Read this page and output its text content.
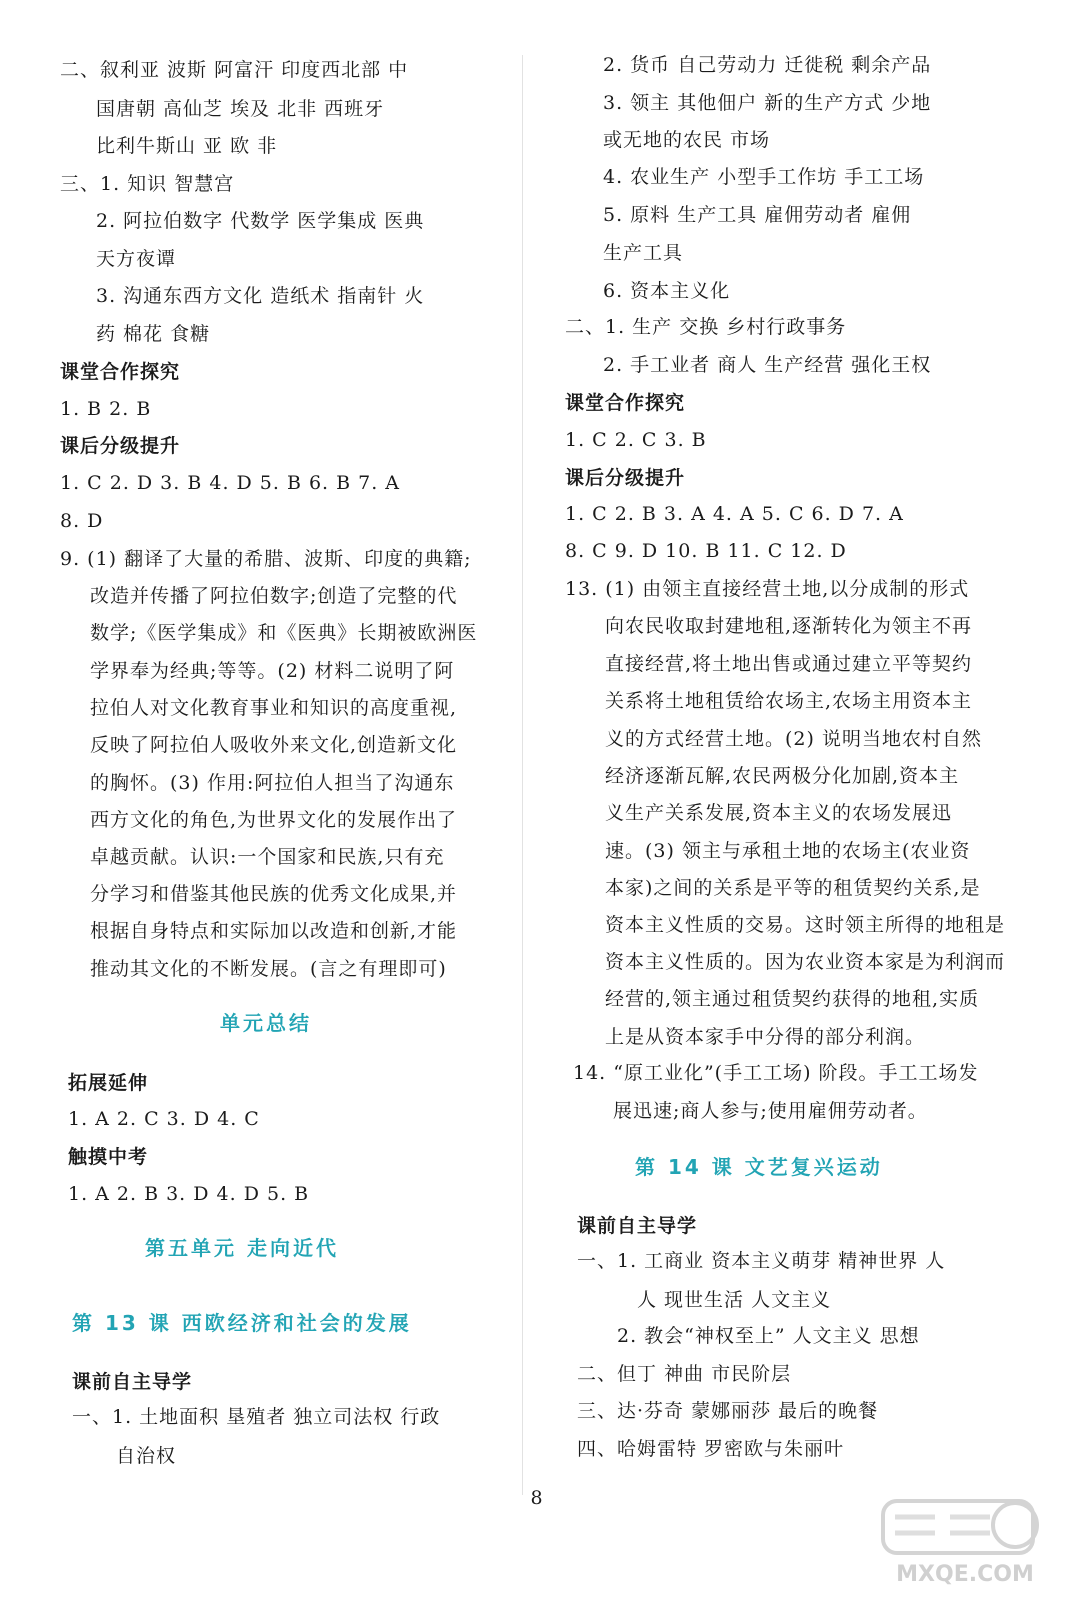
二、叙利亚 波斯 阿富汗 印度西北部 中
国唐朝 高仙芝 埃及 北非 西班牙
比利牛斯山 亚 欧 非
三、1. 知识 智慧宫
2. 阿拉伯数字 代数学 医学集成 医典
天方夜谭
3. 沟通东西方文化 造纸术 指南针 火
药 棉花 食糖
课堂合作探究
1. B 2. B
课后分级提升
1. C 2. D 3. B 4. D 5. B 6. B 7. A
8. D
9. (1) 翻译了大量的希腊、波斯、印度的典籍;
改造并传播了阿拉伯数字;创造了完整的代
数学;《医学集成》和《医典》长期被欧洲医
学界奉为经典;等等。(2) 材料二说明了阿
拉伯人对文化教育事业和知识的高度重视,
反映了阿拉伯人吸收外来文化,创造新文化
的胸怀。(3) 作用:阿拉伯人担当了沟通东
西方文化的角色,为世界文化的发展作出了
卓越贡献。认识:一个国家和民族,只有充
分学习和借鉴其他民族的优秀文化成果,并
根据自身特点和实际加以改造和创新,才能
推动其文化的不断发展。(言之有理即可)
单元总结
拓展延伸
1. A 2. C 3. D 4. C
触摸中考
1. A 2. B 3. D 4. D 5. B
第五单元 走向近代
第 13 课 西欧经济和社会的发展
课前自主导学
一、1. 土地面积 垦殖者 独立司法权 行政
自治权
2. 货币 自己劳动力 迁徙税 剩余产品
3. 领主 其他佃户 新的生产方式 少地
或无地的农民 市场
4. 农业生产 小型手工作坊 手工工场
5. 原料 生产工具 雇佣劳动者 雇佣
生产工具
6. 资本主义化
二、1. 生产 交换 乡村行政事务
2. 手工业者 商人 生产经营 强化王权
课堂合作探究
1. C 2. C 3. B
课后分级提升
1. C 2. B 3. A 4. A 5. C 6. D 7. A
8. C 9. D 10. B 11. C 12. D
13. (1) 由领主直接经营土地,以分成制的形式
向农民收取封建地租,逐渐转化为领主不再
直接经营,将土地出售或通过建立平等契约
关系将土地租赁给农场主,农场主用资本主
义的方式经营土地。(2) 说明当地农村自然
经济逐渐瓦解,农民两极分化加剧,资本主
义生产关系发展,资本主义的农场发展迅
速。(3) 领主与承租土地的农场主(农业资
本家)之间的关系是平等的租赁契约关系,是
资本主义性质的交易。这时领主所得的地租是
资本主义性质的。因为农业资本家是为利润而
经营的,领主通过租赁契约获得的地租,实质
上是从资本家手中分得的部分利润。
14. “原工业化”(手工工场) 阶段。手工工场发
展迅速;商人参与;使用雇佣劳动者。
第 14 课 文艺复兴运动
课前自主导学
一、1. 工商业 资本主义萌芽 精神世界 人
人 现世生活 人文主义
2. 教会“神权至上” 人文主义 思想
二、但丁 神曲 市民阶层
三、达·芬奇 蒙娜丽莎 最后的晚餐
四、哈姆雷特 罗密欧与朱丽叶
8
MXQE.COM
